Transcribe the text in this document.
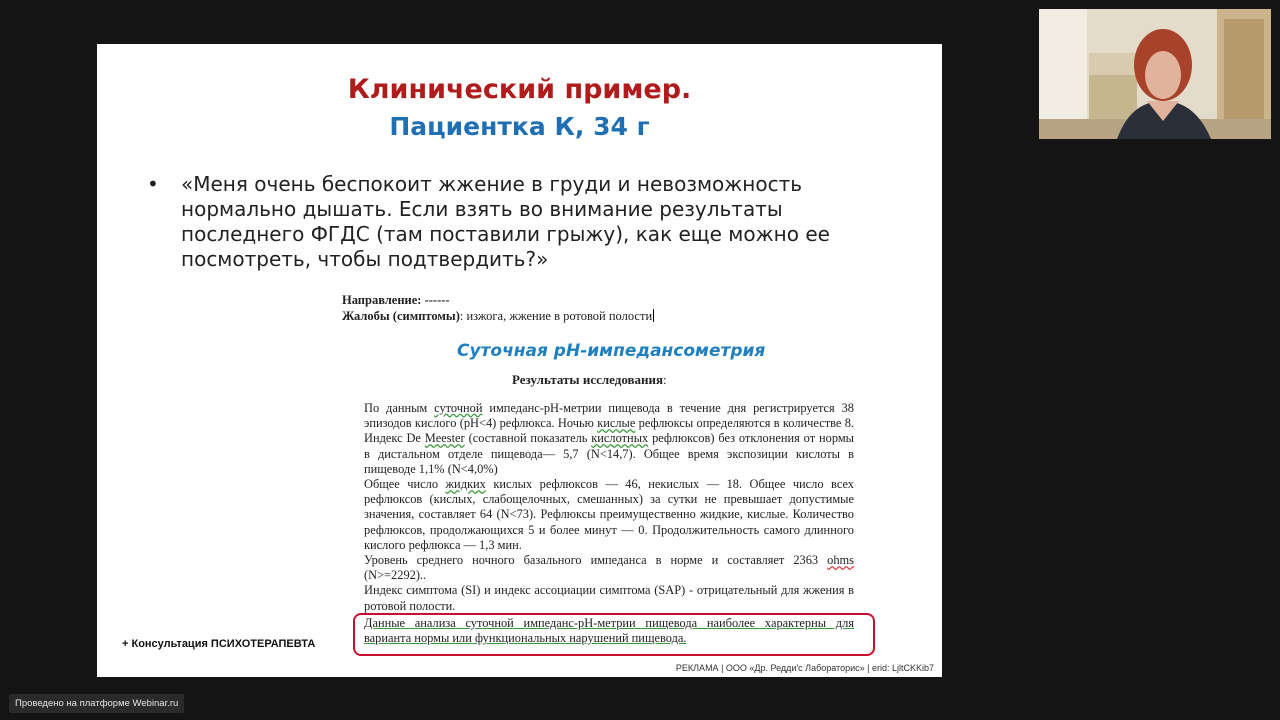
Клинический пример.
Пациентка К, 34 г
• «Меня очень беспокоит жжение в груди и невозможность нормально дышать. Если взять во внимание результаты последнего ФГДС (там поставили грыжу), как еще можно ее посмотреть, чтобы подтвердить?»
Направление: ------
Жалобы (симптомы): изжога, жжение в ротовой полости
Суточная рН-импедансометрия
Результаты исследования:

По данным суточной импеданс-рН-метрии пищевода в течение дня регистрируется 38 эпизодов кислого (рН<4) рефлюкса. Ночью кислые рефлюксы определяются в количестве 8. Индекс De Meester (составной показатель кислотных рефлюксов) без отклонения от нормы в дистальном отделе пищевода— 5,7 (N<14,7). Общее время экспозиции кислоты в пищеводе 1,1% (N<4,0%)

Общее число жидких кислых рефлюксов — 46, некислых — 18. Общее число всех рефлюксов (кислых, слабощелочных, смешанных) за сутки не превышает допустимые значения, составляет 64 (N<73). Рефлюксы преимущественно жидкие, кислые. Количество рефлюксов, продолжающихся 5 и более минут — 0. Продолжительность самого длинного кислого рефлюкса — 1,3 мин.

Уровень среднего ночного базального импеданса в норме и составляет 2363 ohms (N>=2292)..

Индекс симптома (SI) и индекс ассоциации симптома (SAP) - отрицательный для жжения в ротовой полости.

Данные анализа суточной импеданс-рН-метрии пищевода наиболее характерны для варианта нормы или функциональных нарушений пищевода.
+ Консультация ПСИХОТЕРАПЕВТА
РЕКЛАМА | ООО «Др. Редди'с Лабораторис» | erid: LjltCKKib7
Проведено на платформе Webinar.ru
